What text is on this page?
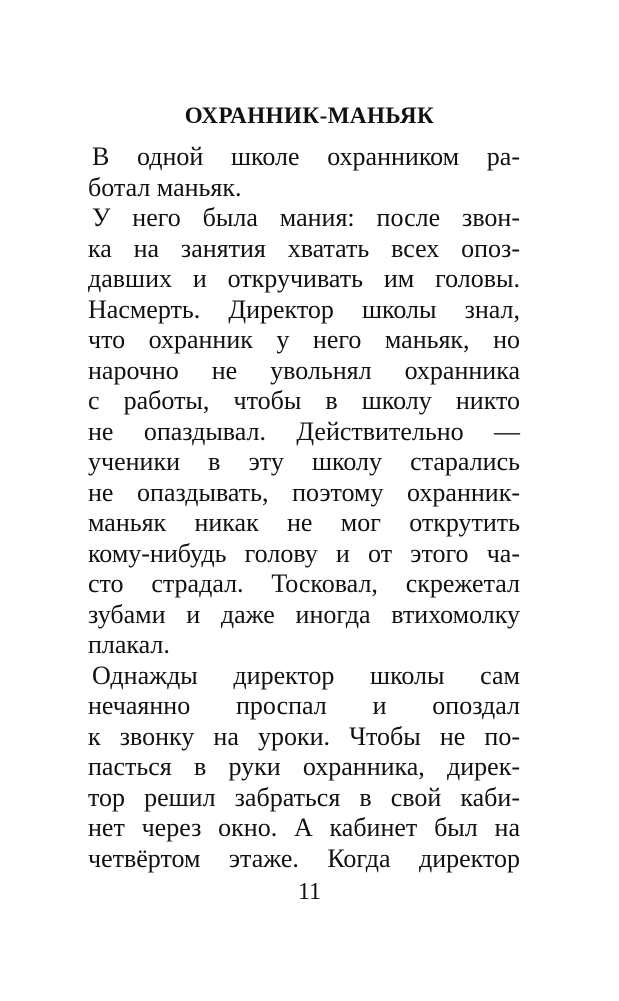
ОХРАННИК-МАНЬЯК
В одной школе охранником ра-
ботал маньяк.
У него была мания: после звон-
ка на занятия хватать всех опоз-
давших и откручивать им головы.
Насмерть. Директор школы знал,
что охранник у него маньяк, но
нарочно не увольнял охранника
с работы, чтобы в школу никто
не опаздывал. Действительно —
ученики в эту школу старались
не опаздывать, поэтому охранник-
маньяк никак не мог открутить
кому-нибудь голову и от этого ча-
сто страдал. Тосковал, скрежетал
зубами и даже иногда втихомолку
плакал.
Однажды директор школы сам
нечаянно проспал и опоздал
к звонку на уроки. Чтобы не по-
пасться в руки охранника, дирек-
тор решил забраться в свой каби-
нет через окно. А кабинет был на
четвёртом этаже. Когда директор
11
